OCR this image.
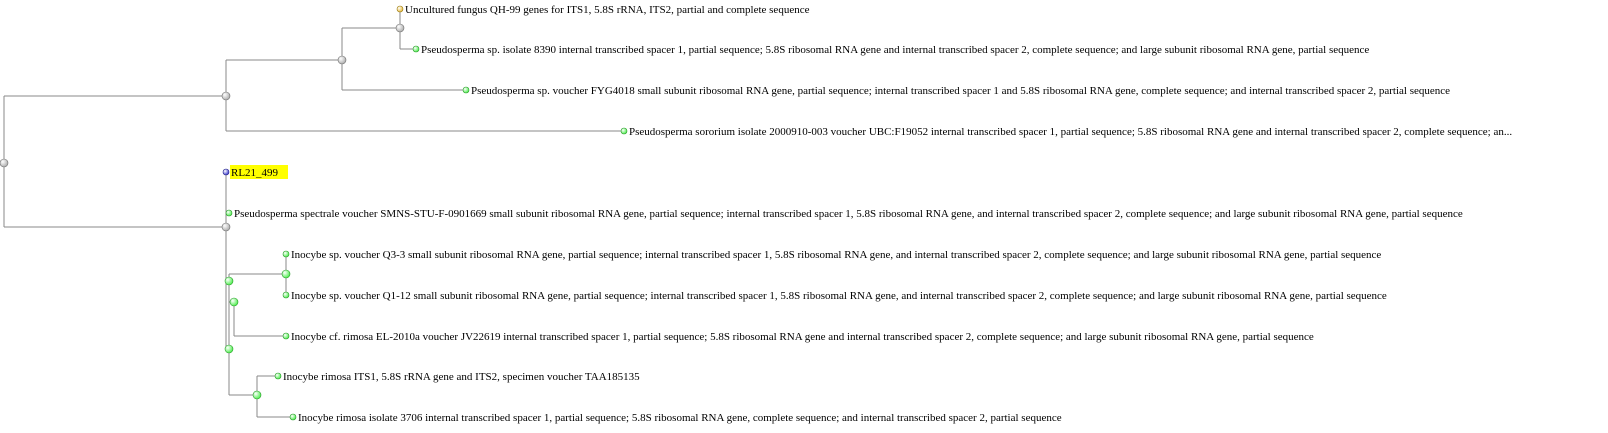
Uncultured fungus QH-99 genes for ITS1, 5.8S rRNA, ITS2, partial and complete sequence
Pseudosperma sp. isolate 8390 internal transcribed spacer 1, partial sequence; 5.8S ribosomal RNA gene and internal transcribed spacer 2, complete sequence; and large subunit ribosomal RNA gene, partial sequence
Pseudosperma sp. voucher FYG4018 small subunit ribosomal RNA gene, partial sequence; internal transcribed spacer 1 and 5.8S ribosomal RNA gene, complete sequence; and internal transcribed spacer 2, partial sequence
Pseudosperma sororium isolate 2000910-003 voucher UBC:F19052 internal transcribed spacer 1, partial sequence; 5.8S ribosomal RNA gene and internal transcribed spacer 2, complete sequence; an...
RL21_499
Pseudosperma spectrale voucher SMNS-STU-F-0901669 small subunit ribosomal RNA gene, partial sequence; internal transcribed spacer 1, 5.8S ribosomal RNA gene, and internal transcribed spacer 2, complete sequence; and large subunit ribosomal RNA gene, partial sequence
Inocybe sp. voucher Q3-3 small subunit ribosomal RNA gene, partial sequence; internal transcribed spacer 1, 5.8S ribosomal RNA gene, and internal transcribed spacer 2, complete sequence; and large subunit ribosomal RNA gene, partial sequence
Inocybe sp. voucher Q1-12 small subunit ribosomal RNA gene, partial sequence; internal transcribed spacer 1, 5.8S ribosomal RNA gene, and internal transcribed spacer 2, complete sequence; and large subunit ribosomal RNA gene, partial sequence
Inocybe cf. rimosa EL-2010a voucher JV22619 internal transcribed spacer 1, partial sequence; 5.8S ribosomal RNA gene and internal transcribed spacer 2, complete sequence; and large subunit ribosomal RNA gene, partial sequence
Inocybe rimosa ITS1, 5.8S rRNA gene and ITS2, specimen voucher TAA185135
Inocybe rimosa isolate 3706 internal transcribed spacer 1, partial sequence; 5.8S ribosomal RNA gene, complete sequence; and internal transcribed spacer 2, partial sequence
